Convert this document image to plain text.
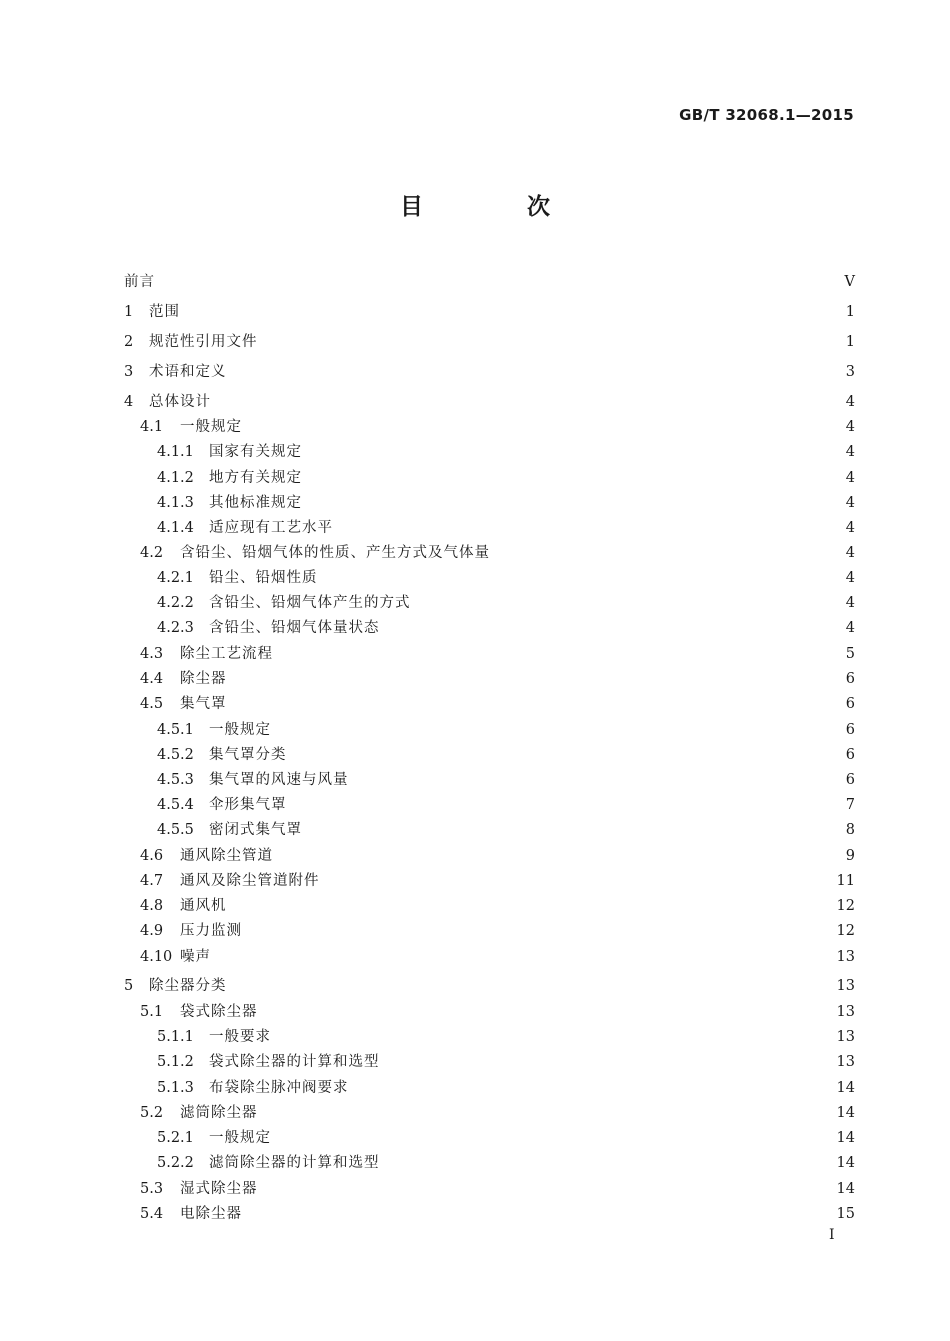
GB/T 32068.1—2015
目 次
前言	V
1	范围	1
2	规范性引用文件	1
3	术语和定义	3
4	总体设计	4
4.1	一般规定	4
4.1.1	国家有关规定	4
4.1.2	地方有关规定	4
4.1.3	其他标准规定	4
4.1.4	适应现有工艺水平	4
4.2	含铅尘、铅烟气体的性质、产生方式及气体量	4
4.2.1	铅尘、铅烟性质	4
4.2.2	含铅尘、铅烟气体产生的方式	4
4.2.3	含铅尘、铅烟气体量状态	4
4.3	除尘工艺流程	5
4.4	除尘器	6
4.5	集气罩	6
4.5.1	一般规定	6
4.5.2	集气罩分类	6
4.5.3	集气罩的风速与风量	6
4.5.4	伞形集气罩	7
4.5.5	密闭式集气罩	8
4.6	通风除尘管道	9
4.7	通风及除尘管道附件	11
4.8	通风机	12
4.9	压力监测	12
4.10 噪声	13
5	除尘器分类	13
5.1	袋式除尘器	13
5.1.1	一般要求	13
5.1.2	袋式除尘器的计算和选型	13
5.1.3	布袋除尘脉冲阀要求	14
5.2	滤筒除尘器	14
5.2.1	一般规定	14
5.2.2	滤筒除尘器的计算和选型	14
5.3	湿式除尘器	14
5.4	电除尘器	15
I
